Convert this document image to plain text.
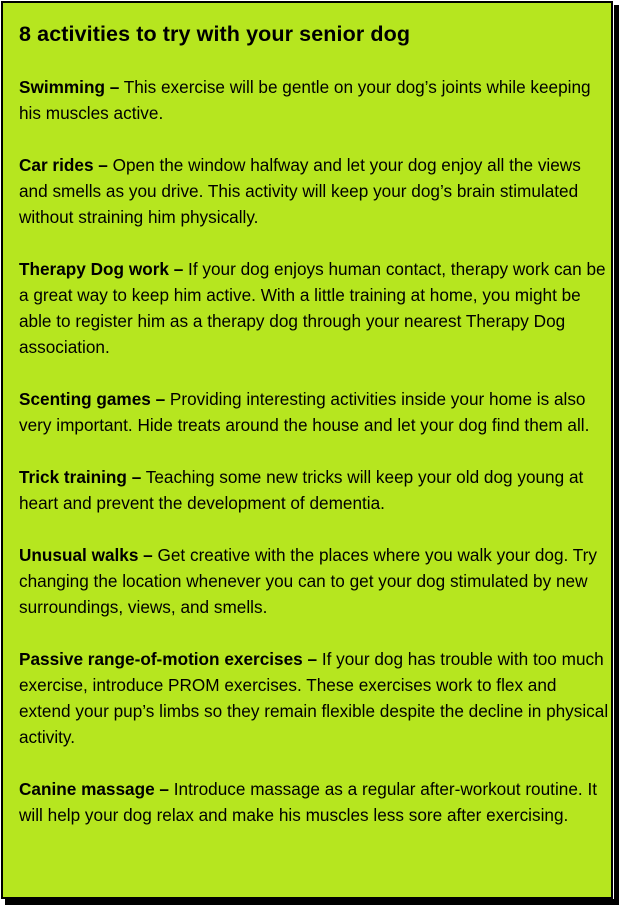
8 activities to try with your senior dog

Swimming – This exercise will be gentle on your dog’s joints while keeping his muscles active.

Car rides – Open the window halfway and let your dog enjoy all the views and smells as you drive. This activity will keep your dog’s brain stimulated without straining him physically.

Therapy Dog work – If your dog enjoys human contact, therapy work can be a great way to keep him active. With a little training at home, you might be able to register him as a therapy dog through your nearest Therapy Dog association.

Scenting games – Providing interesting activities inside your home is also very important. Hide treats around the house and let your dog find them all.

Trick training – Teaching some new tricks will keep your old dog young at heart and prevent the development of dementia.

Unusual walks – Get creative with the places where you walk your dog. Try changing the location whenever you can to get your dog stimulated by new surroundings, views, and smells.

Passive range-of-motion exercises – If your dog has trouble with too much exercise, introduce PROM exercises. These exercises work to flex and extend your pup’s limbs so they remain flexible despite the decline in physical activity.

Canine massage – Introduce massage as a regular after-workout routine. It will help your dog relax and make his muscles less sore after exercising.
